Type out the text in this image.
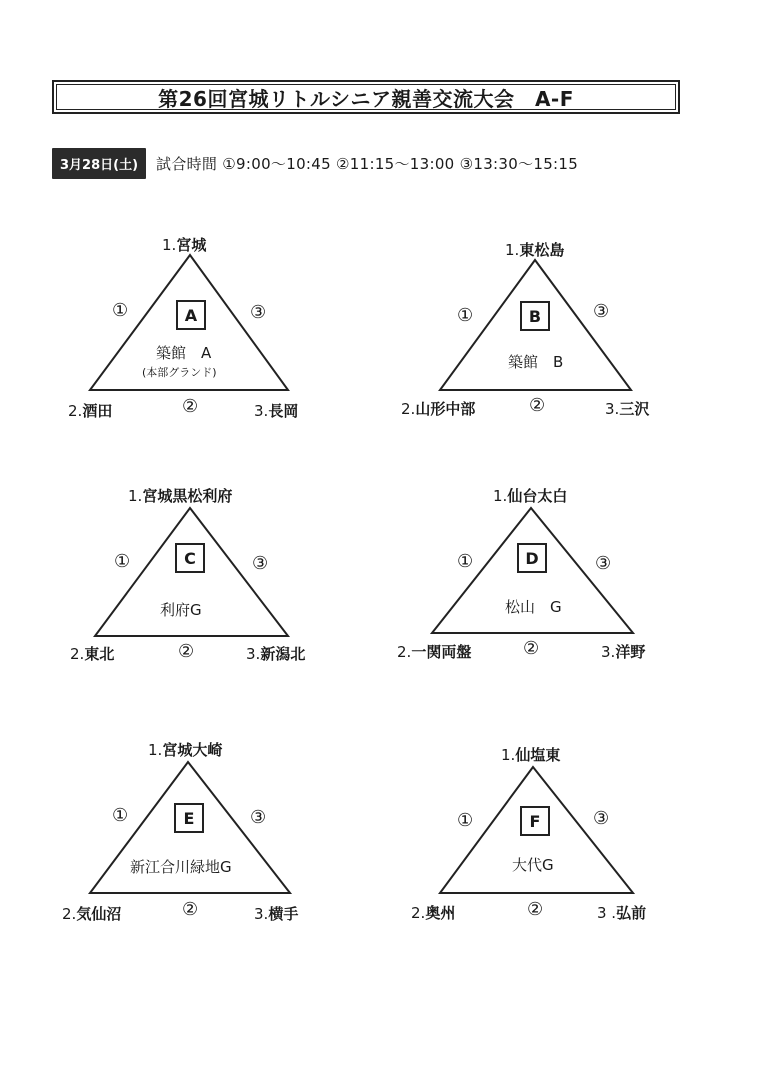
第26回宮城リトルシニア親善交流大会　A-F
3月28日(土)	試合時間 ①9:00～10:45 ②11:15～13:00 ③13:30～15:15
1.宮城
①	③
A
築館　A
(本部グランド)
2.酒田	②	3.長岡
1.東松島
①	③
B
築館　B
2.山形中部	②	3.三沢
1.宮城黒松利府
①	③
C
利府G
2.東北	②	3.新潟北
1.仙台太白
①	③
D
松山　G
2.一関両盤	②	3.洋野
1.宮城大崎
①	③
E
新江合川緑地G
2.気仙沼	②	3.横手
1.仙塩東
①	③
F
大代G
2.奥州	②	3 .弘前
